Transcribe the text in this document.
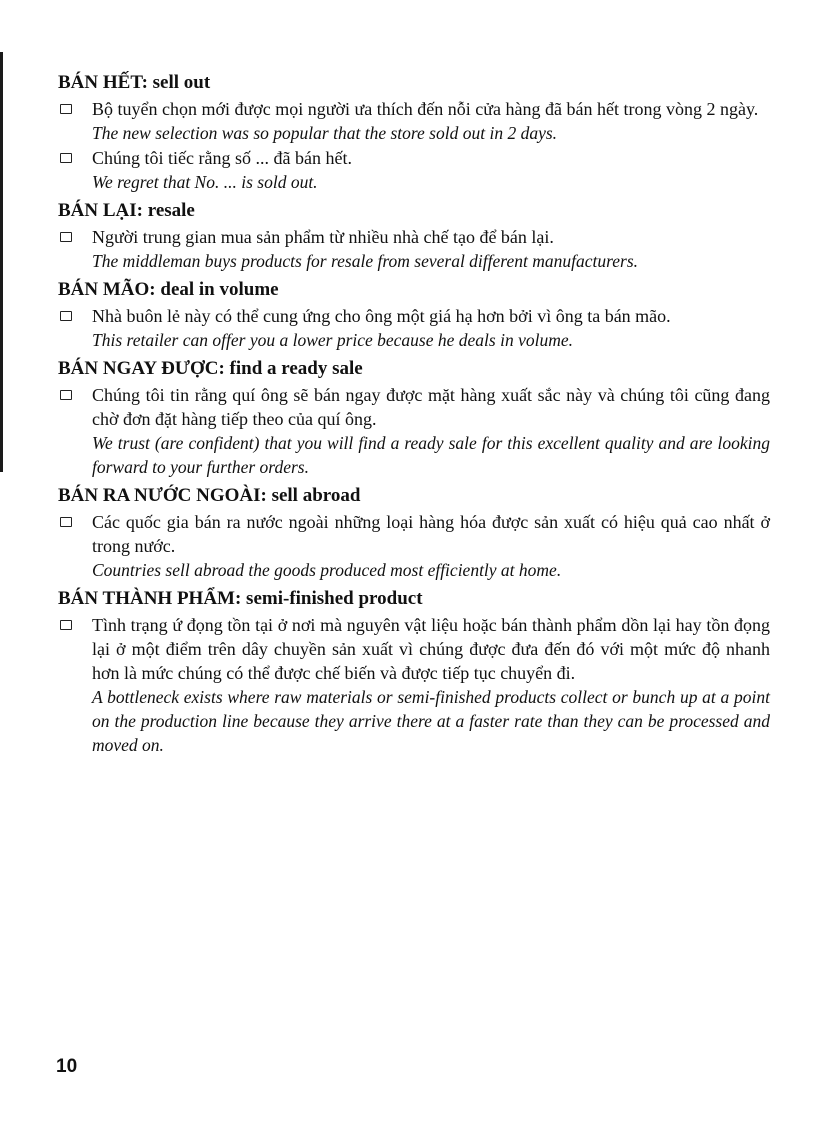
BÁN HẾT: sell out
Bộ tuyển chọn mới được mọi người ưa thích đến nỗi cửa hàng đã bán hết trong vòng 2 ngày.
The new selection was so popular that the store sold out in 2 days.
Chúng tôi tiếc rằng số ... đã bán hết.
We regret that No. ... is sold out.
BÁN LẠI: resale
Người trung gian mua sản phẩm từ nhiều nhà chế tạo để bán lại.
The middleman buys products for resale from several different manufacturers.
BÁN MÃO: deal in volume
Nhà buôn lẻ này có thể cung ứng cho ông một giá hạ hơn bởi vì ông ta bán mão.
This retailer can offer you a lower price because he deals in volume.
BÁN NGAY ĐƯỢC: find a ready sale
Chúng tôi tin rằng quí ông sẽ bán ngay được mặt hàng xuất sắc này và chúng tôi cũng đang chờ đơn đặt hàng tiếp theo của quí ông.
We trust (are confident) that you will find a ready sale for this excellent quality and are looking forward to your further orders.
BÁN RA NƯỚC NGOÀI: sell abroad
Các quốc gia bán ra nước ngoài những loại hàng hóa được sản xuất có hiệu quả cao nhất ở trong nước.
Countries sell abroad the goods produced most efficiently at home.
BÁN THÀNH PHẨM: semi-finished product
Tình trạng ứ đọng tồn tại ở nơi mà nguyên vật liệu hoặc bán thành phẩm dồn lại hay tồn đọng lại ở một điểm trên dây chuyền sản xuất vì chúng được đưa đến đó với một mức độ nhanh hơn là mức chúng có thể được chế biến và được tiếp tục chuyển đi.
A bottleneck exists where raw materials or semi-finished products collect or bunch up at a point on the production line because they arrive there at a faster rate than they can be processed and moved on.
10
